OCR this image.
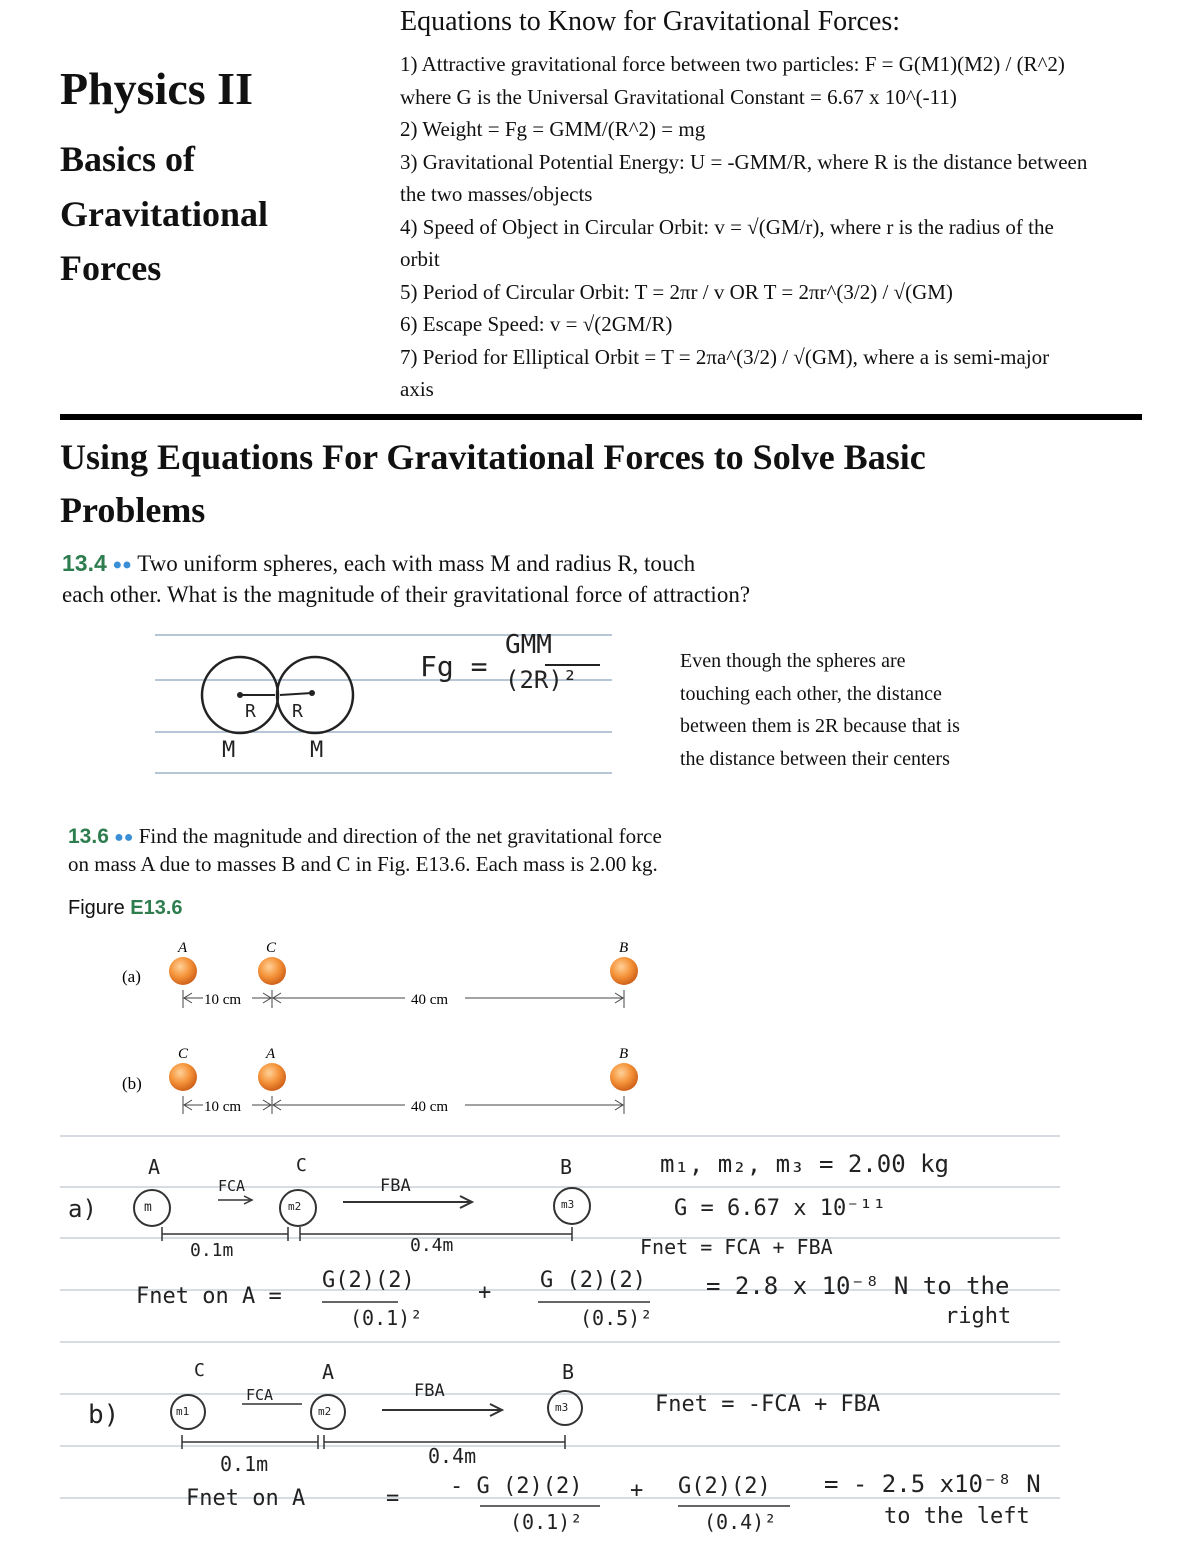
Physics II
Basics of
Gravitational
Forces
Equations to Know for Gravitational Forces:
1) Attractive gravitational force between two particles: F = G(M1)(M2) / (R^2)
where G is the Universal Gravitational Constant = 6.67 x 10^(-11)
2) Weight = Fg = GMM/(R^2) = mg
3) Gravitational Potential Energy: U = -GMM/R, where R is the distance between
the two masses/objects
4) Speed of Object in Circular Orbit: v = √(GM/r), where r is the radius of the
orbit
5) Period of Circular Orbit: T = 2πr / v OR T = 2πr^(3/2) / √(GM)
6) Escape Speed: v = √(2GM/R)
7) Period for Elliptical Orbit = T = 2πa^(3/2) / √(GM), where a is semi-major
axis
Using Equations For Gravitational Forces to Solve Basic
Problems
13.4 ●● Two uniform spheres, each with mass M and radius R, touch
each other. What is the magnitude of their gravitational force of attraction?
R R
M	M
Fg =
GMM
(2R)²
Even though the spheres are
touching each other, the distance
between them is 2R because that is
the distance between their centers
13.6 ●● Find the magnitude and direction of the net gravitational force
on mass A due to masses B and C in Fig. E13.6. Each mass is 2.00 kg.
Figure E13.6
(a)
A	C	B
10 cm	40 cm
(b)
C	A	B
10 cm	40 cm
a)
A	C	B
m	m2	m3
FCA	FBA
0.1m	0.4m
m₁, m₂, m₃ = 2.00 kg
G = 6.67 x 10⁻¹¹
Fnet = FCA + FBA
Fnet on A =
G(2)(2)
(0.1)²
+ G (2)(2)
(0.5)²
= 2.8 x 10⁻⁸ N to the
right
b)
C	A	B
m1	m2	m3
FCA	FBA
0.1m	0.4m
Fnet = -FCA + FBA
Fnet on A	= - G (2)(2)
(0.1)²
+ G(2)(2)
(0.4)²
= - 2.5 x10⁻⁸ N
to the left
